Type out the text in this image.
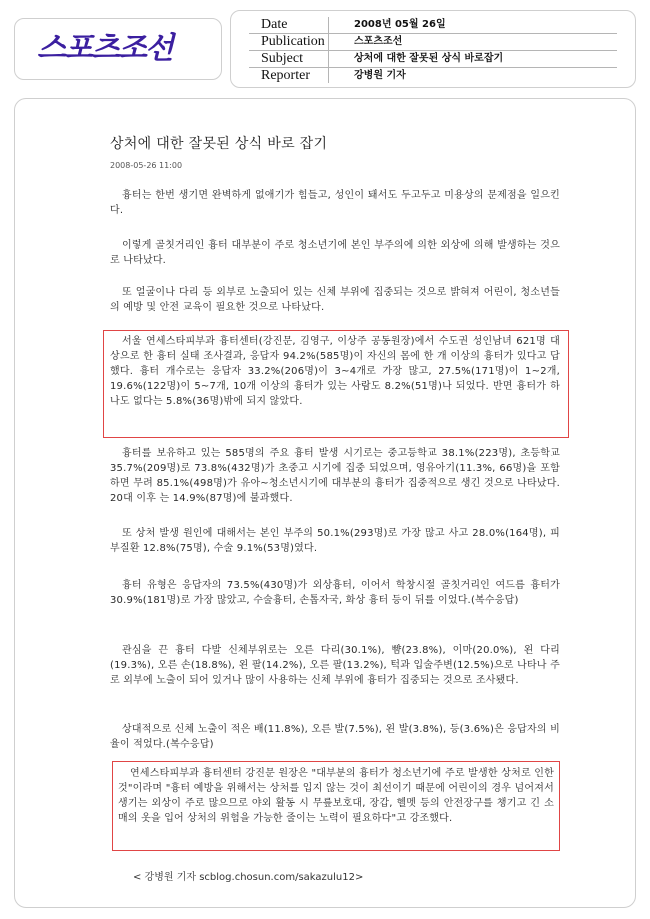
스포츠조선
Date	2008년 05월 26일
Publication	스포츠조선
Subject	상처에 대한 잘못된 상식 바로잡기
Reporter	강병원 기자
상처에 대한 잘못된 상식 바로 잡기
2008-05-26 11:00

흉터는 한번 생기면 완벽하게 없애기가 힘들고, 성인이 돼서도 두고두고 미용상의 문제점을 일으킨다.

이렇게 골칫거리인 흉터 대부분이 주로 청소년기에 본인 부주의에 의한 외상에 의해 발생하는 것으로 나타났다.

또 얼굴이나 다리 등 외부로 노출되어 있는 신체 부위에 집중되는 것으로 밝혀져 어린이, 청소년들의 예방 및 안전 교육이 필요한 것으로 나타났다.

서울 연세스타피부과 흉터센터(강진문, 김영구, 이상주 공동원장)에서 수도권 성인남녀 621명 대상으로 한 흉터 실태 조사결과, 응답자 94.2%(585명)이 자신의 몸에 한 개 이상의 흉터가 있다고 답했다. 흉터 개수로는 응답자 33.2%(206명)이 3~4개로 가장 많고, 27.5%(171명)이 1~2개, 19.6%(122명)이 5~7개, 10개 이상의 흉터가 있는 사람도 8.2%(51명)나 되었다. 반면 흉터가 하나도 없다는 5.8%(36명)밖에 되지 않았다.

흉터를 보유하고 있는 585명의 주요 흉터 발생 시기로는 중고등학교 38.1%(223명), 초등학교 35.7%(209명)로 73.8%(432명)가 초중고 시기에 집중 되었으며, 영유아기(11.3%, 66명)을 포함하면 무려 85.1%(498명)가 유아~청소년시기에 대부분의 흉터가 집중적으로 생긴 것으로 나타났다. 20대 이후 는 14.9%(87명)에 불과했다.

또 상처 발생 원인에 대해서는 본인 부주의 50.1%(293명)로 가장 많고 사고 28.0%(164명), 피부질환 12.8%(75명), 수술 9.1%(53명)였다.

흉터 유형은 응답자의 73.5%(430명)가 외상흉터, 이어서 학창시절 골칫거리인 여드름 흉터가 30.9%(181명)로 가장 많았고, 수술흉터, 손톱자국, 화상 흉터 등이 뒤를 이었다.(복수응답)

관심을 끈 흉터 다발 신체부위로는 오른 다리(30.1%), 뺨(23.8%), 이마(20.0%), 왼 다리(19.3%), 오른 손(18.8%), 왼 팔(14.2%), 오른 팔(13.2%), 턱과 입술주변(12.5%)으로 나타나 주로 외부에 노출이 되어 있거나 많이 사용하는 신체 부위에 흉터가 집중되는 것으로 조사됐다.

상대적으로 신체 노출이 적은 배(11.8%), 오른 발(7.5%), 왼 발(3.8%), 등(3.6%)은 응답자의 비율이 적었다.(복수응답)

연세스타피부과 흉터센터 강진문 원장은 "대부분의 흉터가 청소년기에 주로 발생한 상처로 인한 것"이라며 "흉터 예방을 위해서는 상처를 입지 않는 것이 최선이기 때문에 어린이의 경우 넘어져서 생기는 외상이 주로 많으므로 야외 활동 시 무릎보호대, 장갑, 헬멧 등의 안전장구를 챙기고 긴 소매의 옷을 입어 상처의 위험을 가능한 줄이는 노력이 필요하다"고 강조했다.

< 강병원 기자 scblog.chosun.com/sakazulu12>
